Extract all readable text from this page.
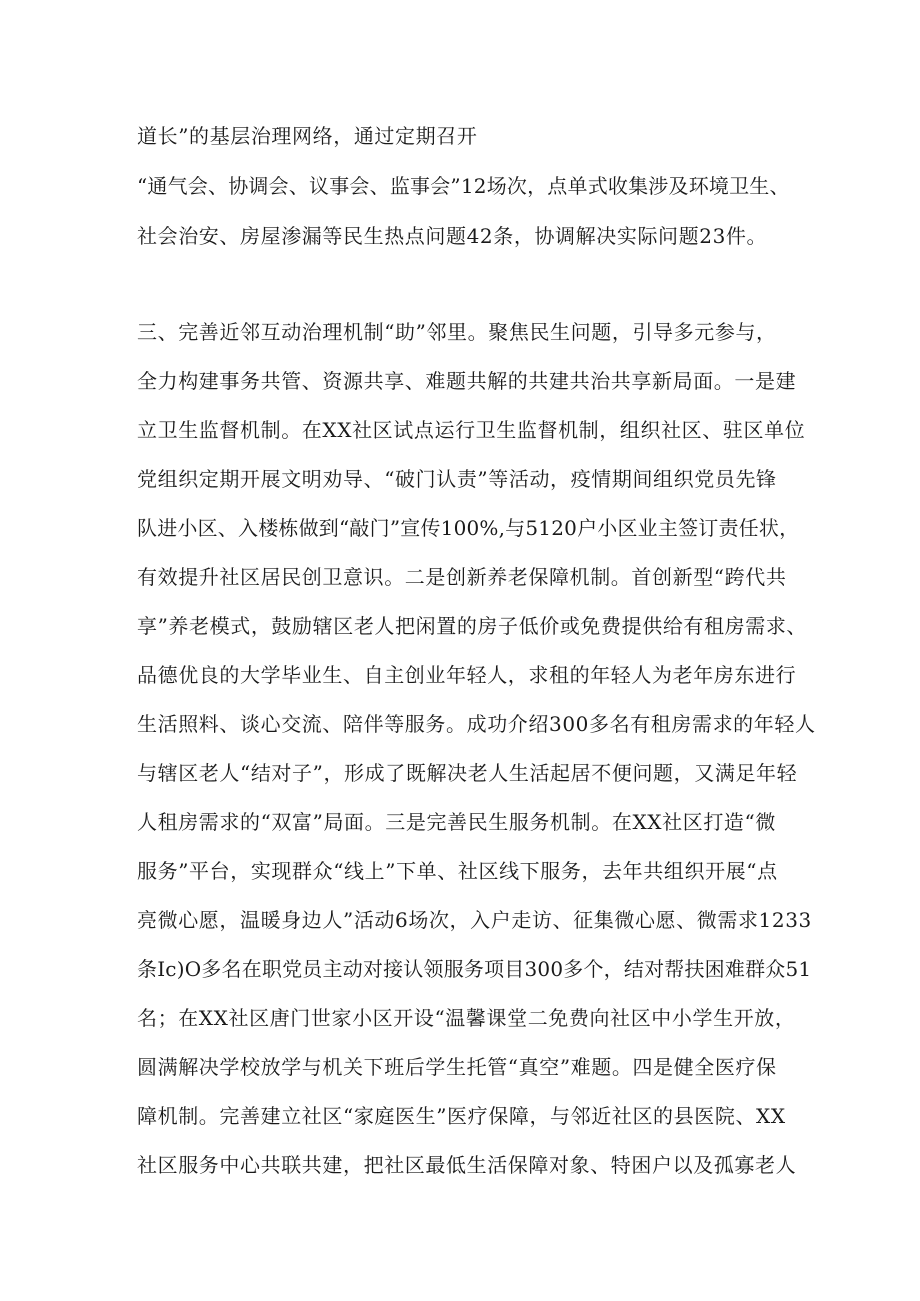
道长”的基层治理网络，通过定期召开
“通气会、协调会、议事会、监事会”12场次，点单式收集涉及环境卫生、
社会治安、房屋渗漏等民生热点问题42条，协调解决实际问题23件。
三、完善近邻互动治理机制“助”邻里。聚焦民生问题，引导多元参与，
全力构建事务共管、资源共享、难题共解的共建共治共享新局面。一是建
立卫生监督机制。在XX社区试点运行卫生监督机制，组织社区、驻区单位
党组织定期开展文明劝导、“破门认责”等活动，疫情期间组织党员先锋
队进小区、入楼栋做到“敲门”宣传100%,与5120户小区业主签订责任状，
有效提升社区居民创卫意识。二是创新养老保障机制。首创新型“跨代共
享”养老模式，鼓励辖区老人把闲置的房子低价或免费提供给有租房需求、
品德优良的大学毕业生、自主创业年轻人，求租的年轻人为老年房东进行
生活照料、谈心交流、陪伴等服务。成功介绍300多名有租房需求的年轻人
与辖区老人“结对子”，形成了既解决老人生活起居不便问题，又满足年轻
人租房需求的“双富”局面。三是完善民生服务机制。在XX社区打造“微
服务”平台，实现群众“线上”下单、社区线下服务，去年共组织开展“点
亮微心愿，温暖身边人”活动6场次，入户走访、征集微心愿、微需求1233
条Ic)O多名在职党员主动对接认领服务项目300多个，结对帮扶困难群众51
名；在XX社区唐门世家小区开设“温馨课堂二免费向社区中小学生开放，
圆满解决学校放学与机关下班后学生托管“真空”难题。四是健全医疗保
障机制。完善建立社区“家庭医生”医疗保障，与邻近社区的县医院、XX
社区服务中心共联共建，把社区最低生活保障对象、特困户以及孤寡老人
